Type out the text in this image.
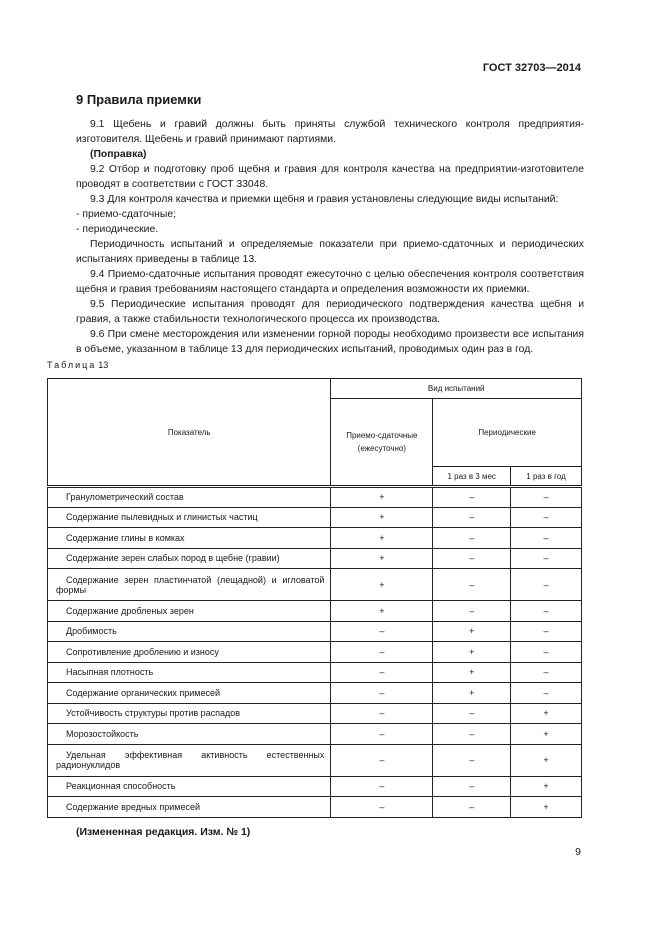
ГОСТ 32703—2014
9 Правила приемки

9.1 Щебень и гравий должны быть приняты службой технического контроля предприятия-изготовителя. Щебень и гравий принимают партиями.

(Поправка)

9.2 Отбор и подготовку проб щебня и гравия для контроля качества на предприятии-изготовителе проводят в соответствии с ГОСТ 33048.

9.3 Для контроля качества и приемки щебня и гравия установлены следующие виды испытаний:

- приемо-сдаточные;

- периодические.

Периодичность испытаний и определяемые показатели при приемо-сдаточных и периодических испытаниях приведены в таблице 13.

9.4 Приемо-сдаточные испытания проводят ежесуточно с целью обеспечения контроля соответствия щебня и гравия требованиям настоящего стандарта и определения возможности их приемки.

9.5 Периодические испытания проводят для периодического подтверждения качества щебня и гравия, а также стабильности технологического процесса их производства.

9.6 При смене месторождения или изменении горной породы необходимо произвести все испытания в объеме, указанном в таблице 13 для периодических испытаний, проводимых один раз в год.

Таблица 13
Показатель	Вид испытаний		
	Приемо-сдаточные (ежесуточно)	Периодические	
		1 раз в 3 мес	1 раз в год
Гранулометрический состав	+	–	–
Содержание пылевидных и глинистых частиц	+	–	–
Содержание глины в комках	+	–	–
Содержание зерен слабых пород в щебне (гравии)	+	–	–
Содержание зерен пластинчатой (лещадной) и игловатой формы	+	–	–
Содержание дробленых зерен	+	–	–
Дробимость	–	+	–
Сопротивление дроблению и износу	–	+	–
Насыпная плотность	–	+	–
Содержание органических примесей	–	+	–
Устойчивость структуры против распадов	–	–	+
Морозостойкость	–	–	+
Удельная эффективная активность естественных радионуклидов	–	–	+
Реакционная способность	–	–	+
Содержание вредных примесей	–	–	+
(Измененная редакция. Изм. № 1)
9
